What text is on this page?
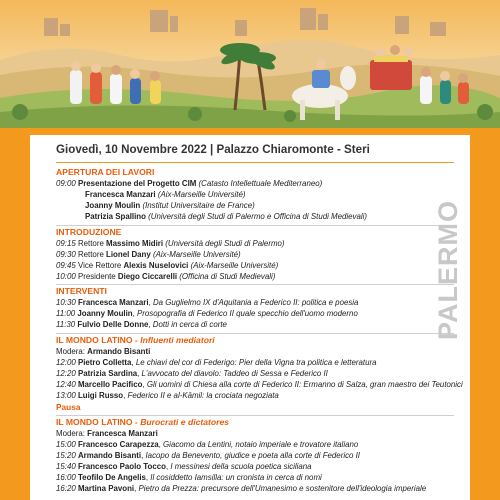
Giovedì, 10 Novembre 2022 | Palazzo Chiaromonte - Steri
APERTURA DEI LAVORI
09:00 Presentazione del Progetto CIM (Catasto Intellettuale Mediterraneo)
Francesca Manzari (Aix-Marseille Université)
Joanny Moulin (Institut Universitaire de France)
Patrizia Spallino (Università degli Studi di Palermo e Officina di Studi Medievali)
INTRODUZIONE
09:15 Rettore Massimo Midiri (Università degli Studi di Palermo)
09:30 Rettore Lionel Dany (Aix-Marseille Université)
09:45 Vice Rettore Alexis Nuselovici (Aix-Marseille Université)
10:00 Presidente Diego Ciccarelli (Officina di Studi Medievali)
INTERVENTI
10:30 Francesca Manzari, Da Guglielmo IX d'Aquitania a Federico II: politica e poesia
11:00 Joanny Moulin, Prosopografia di Federico II quale specchio dell'uomo moderno
11:30 Fulvio Delle Donne, Dotti in cerca di corte
IL MONDO LATINO - Influenti mediatori
Modera: Armando Bisanti
12:00 Pietro Colletta, Le chiavi del cor di Federigo: Pier della Vigna tra politica e letteratura
12:20 Patrizia Sardina, L'avvocato del diavolo: Taddeo di Sessa e Federico II
12:40 Marcello Pacifico, Gli uomini di Chiesa alla corte di Federico II: Ermanno di Salza, gran maestro dei Teutonici
13:00 Luigi Russo, Federico II e al-Kāmil: la crociata negoziata
Pausa
IL MONDO LATINO - Burocrati e dictatores
Modera: Francesca Manzari
15:00 Francesco Carapezza, Giacomo da Lentini, notaio imperiale e trovatore italiano
15:20 Armando Bisanti, Iacopo da Benevento, giudice e poeta alla corte di Federico II
15:40 Francesco Paolo Tocco, I messinesi della scuola poetica siciliana
16:00 Teofilo De Angelis, Il cosiddetto Iamsilla: un cronista in cerca di nomi
16:20 Martina Pavoni, Pietro da Prezza: precursore dell'Umanesimo e sostenitore dell'ideologia imperiale
PALERMO
